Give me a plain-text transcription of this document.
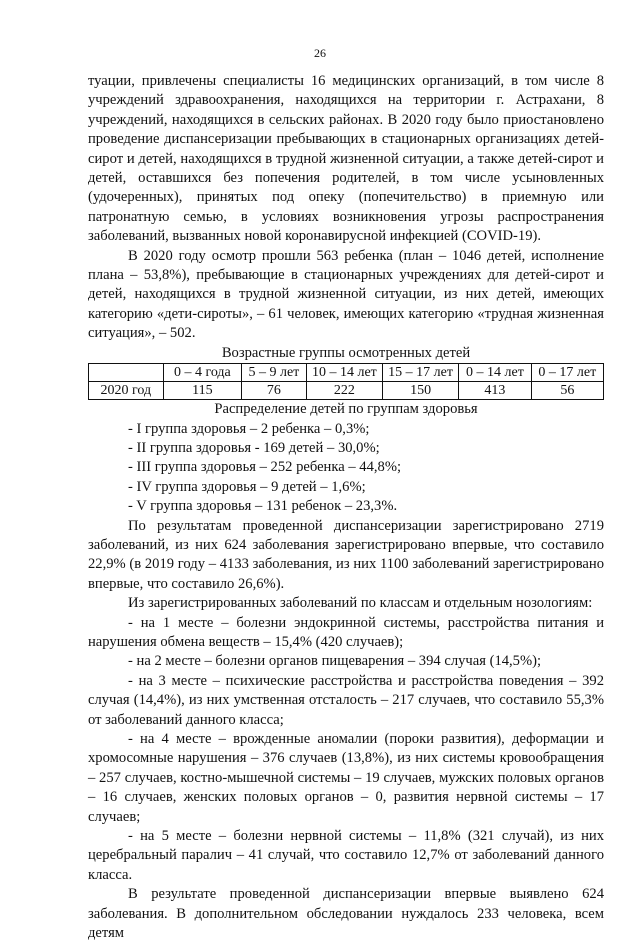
26

туации, привлечены специалисты 16 медицинских организаций, в том числе 8 учреждений здравоохранения, находящихся на территории г. Астрахани, 8 учреждений, находящихся в сельских районах. В 2020 году было приостановлено проведение диспансеризации пребывающих в стационарных организациях детей-сирот и детей, находящихся в трудной жизненной ситуации, а также детей-сирот и детей, оставшихся без попечения родителей, в том числе усыновленных (удочеренных), принятых под опеку (попечительство) в приемную или патронатную семью, в условиях возникновения угрозы распространения заболеваний, вызванных новой коронавирусной инфекцией (COVID-19).

В 2020 году осмотр прошли 563 ребенка (план – 1046 детей, исполнение плана – 53,8%), пребывающие в стационарных учреждениях для детей-сирот и детей, находящихся в трудной жизненной ситуации, из них детей, имеющих категорию «дети-сироты», – 61 человек, имеющих категорию «трудная жизненная ситуация», – 502.

Возрастные группы осмотренных детей

	0 – 4 года	5 – 9 лет	10 – 14 лет	15 – 17 лет	0 – 14 лет	0 – 17 лет
2020 год	115	76	222	150	413	56

Распределение детей по группам здоровья

- I группа здоровья – 2 ребенка – 0,3%;

- II группа здоровья - 169 детей – 30,0%;

- III группа здоровья – 252 ребенка – 44,8%;

- IV группа здоровья – 9 детей – 1,6%;

- V группа здоровья – 131 ребенок – 23,3%.

По результатам проведенной диспансеризации зарегистрировано 2719 заболеваний, из них 624 заболевания зарегистрировано впервые, что составило 22,9% (в 2019 году – 4133 заболевания, из них 1100 заболеваний зарегистрировано впервые, что составило 26,6%).

Из зарегистрированных заболеваний по классам и отдельным нозологиям:

- на 1 месте – болезни эндокринной системы, расстройства питания и нарушения обмена веществ – 15,4% (420 случаев);

- на 2 месте – болезни органов пищеварения – 394 случая (14,5%);

- на 3 месте – психические расстройства и расстройства поведения – 392 случая (14,4%), из них умственная отсталость – 217 случаев, что составило 55,3% от заболеваний данного класса;

- на 4 месте – врожденные аномалии (пороки развития), деформации и хромосомные нарушения – 376 случаев (13,8%), из них системы кровообращения – 257 случаев, костно-мышечной системы – 19 случаев, мужских половых органов – 16 случаев, женских половых органов – 0, развития нервной системы – 17 случаев;

- на 5 месте – болезни нервной системы – 11,8% (321 случай), из них церебральный паралич – 41 случай, что составило 12,7% от заболеваний данного класса.

В результате проведенной диспансеризации впервые выявлено 624 заболевания. В дополнительном обследовании нуждалось 233 человека, всем детям
